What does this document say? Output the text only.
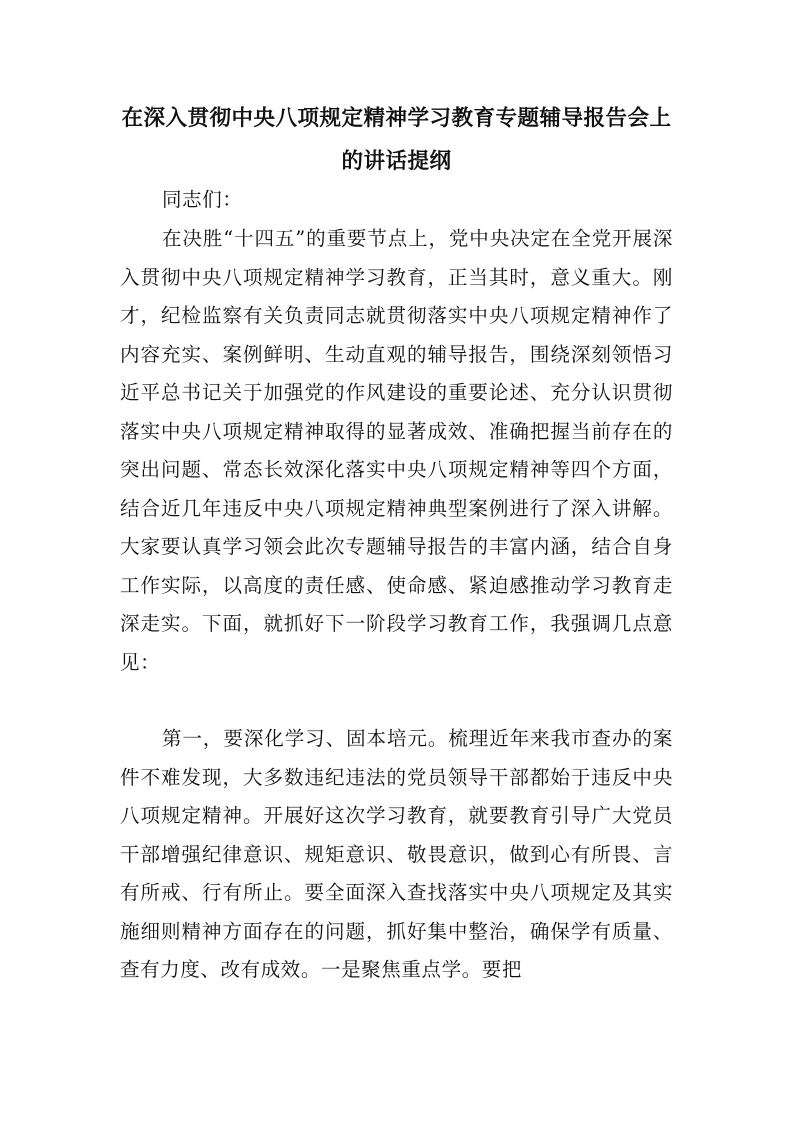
在深入贯彻中央八项规定精神学习教育专题辅导报告会上
的讲话提纲
同志们：
在决胜“十四五”的重要节点上，党中央决定在全党开展深入贯彻中央八项规定精神学习教育，正当其时，意义重大。刚才，纪检监察有关负责同志就贯彻落实中央八项规定精神作了内容充实、案例鲜明、生动直观的辅导报告，围绕深刻领悟习近平总书记关于加强党的作风建设的重要论述、充分认识贯彻落实中央八项规定精神取得的显著成效、准确把握当前存在的突出问题、常态长效深化落实中央八项规定精神等四个方面，结合近几年违反中央八项规定精神典型案例进行了深入讲解。大家要认真学习领会此次专题辅导报告的丰富内涵，结合自身工作实际，以高度的责任感、使命感、紧迫感推动学习教育走深走实。下面，就抓好下一阶段学习教育工作，我强调几点意见：
第一，要深化学习、固本培元。梳理近年来我市查办的案件不难发现，大多数违纪违法的党员领导干部都始于违反中央八项规定精神。开展好这次学习教育，就要教育引导广大党员干部增强纪律意识、规矩意识、敬畏意识，做到心有所畏、言有所戒、行有所止。要全面深入查找落实中央八项规定及其实施细则精神方面存在的问题，抓好集中整治，确保学有质量、查有力度、改有成效。一是聚焦重点学。要把
